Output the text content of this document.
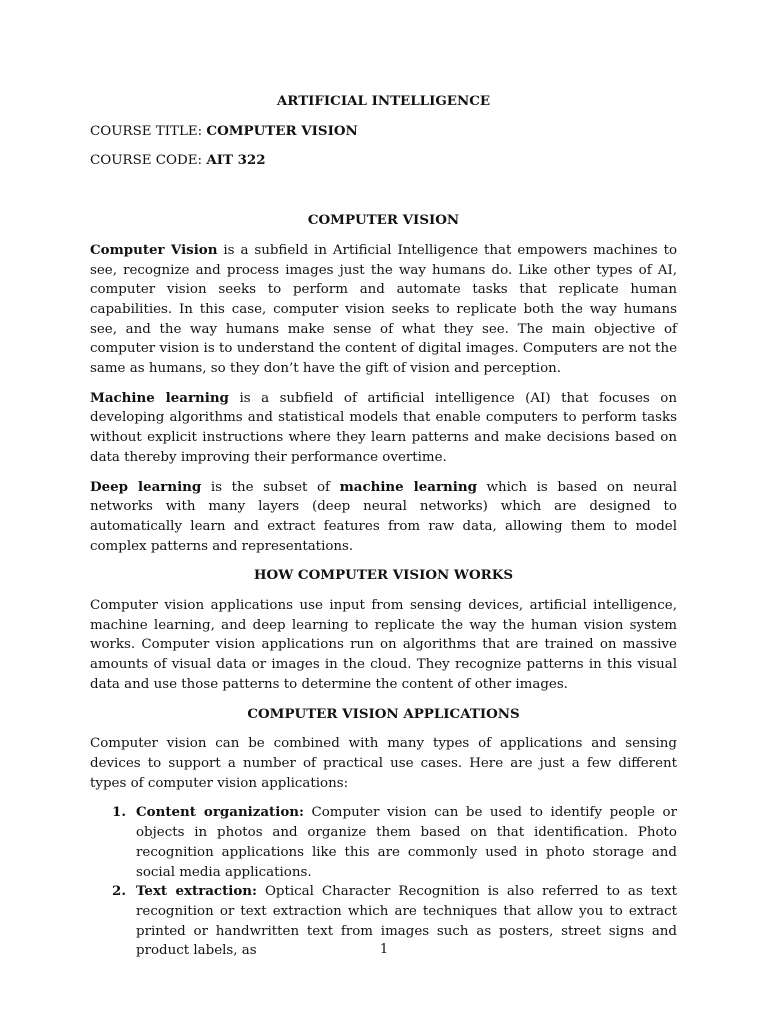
ARTIFICIAL INTELLIGENCE

COURSE TITLE: COMPUTER VISION

COURSE CODE: AIT 322

COMPUTER VISION

Computer Vision is a subfield in Artificial Intelligence that empowers machines to see, recognize and process images just the way humans do. Like other types of AI, computer vision seeks to perform and automate tasks that replicate human capabilities. In this case, computer vision seeks to replicate both the way humans see, and the way humans make sense of what they see. The main objective of computer vision is to understand the content of digital images. Computers are not the same as humans, so they don’t have the gift of vision and perception.

Machine learning is a subfield of artificial intelligence (AI) that focuses on developing algorithms and statistical models that enable computers to perform tasks without explicit instructions where they learn patterns and make decisions based on data thereby improving their performance overtime.

Deep learning is the subset of machine learning which is based on neural networks with many layers (deep neural networks) which are designed to automatically learn and extract features from raw data, allowing them to model complex patterns and representations.

HOW COMPUTER VISION WORKS

Computer vision applications use input from sensing devices, artificial intelligence, machine learning, and deep learning to replicate the way the human vision system works. Computer vision applications run on algorithms that are trained on massive amounts of visual data or images in the cloud. They recognize patterns in this visual data and use those patterns to determine the content of other images.

COMPUTER VISION APPLICATIONS

Computer vision can be combined with many types of applications and sensing devices to support a number of practical use cases. Here are just a few different types of computer vision applications:

1. Content organization: Computer vision can be used to identify people or objects in photos and organize them based on that identification. Photo recognition applications like this are commonly used in photo storage and social media applications.
2. Text extraction: Optical Character Recognition is also referred to as text recognition or text extraction which are techniques that allow you to extract printed or handwritten text from images such as posters, street signs and product labels, as	1
